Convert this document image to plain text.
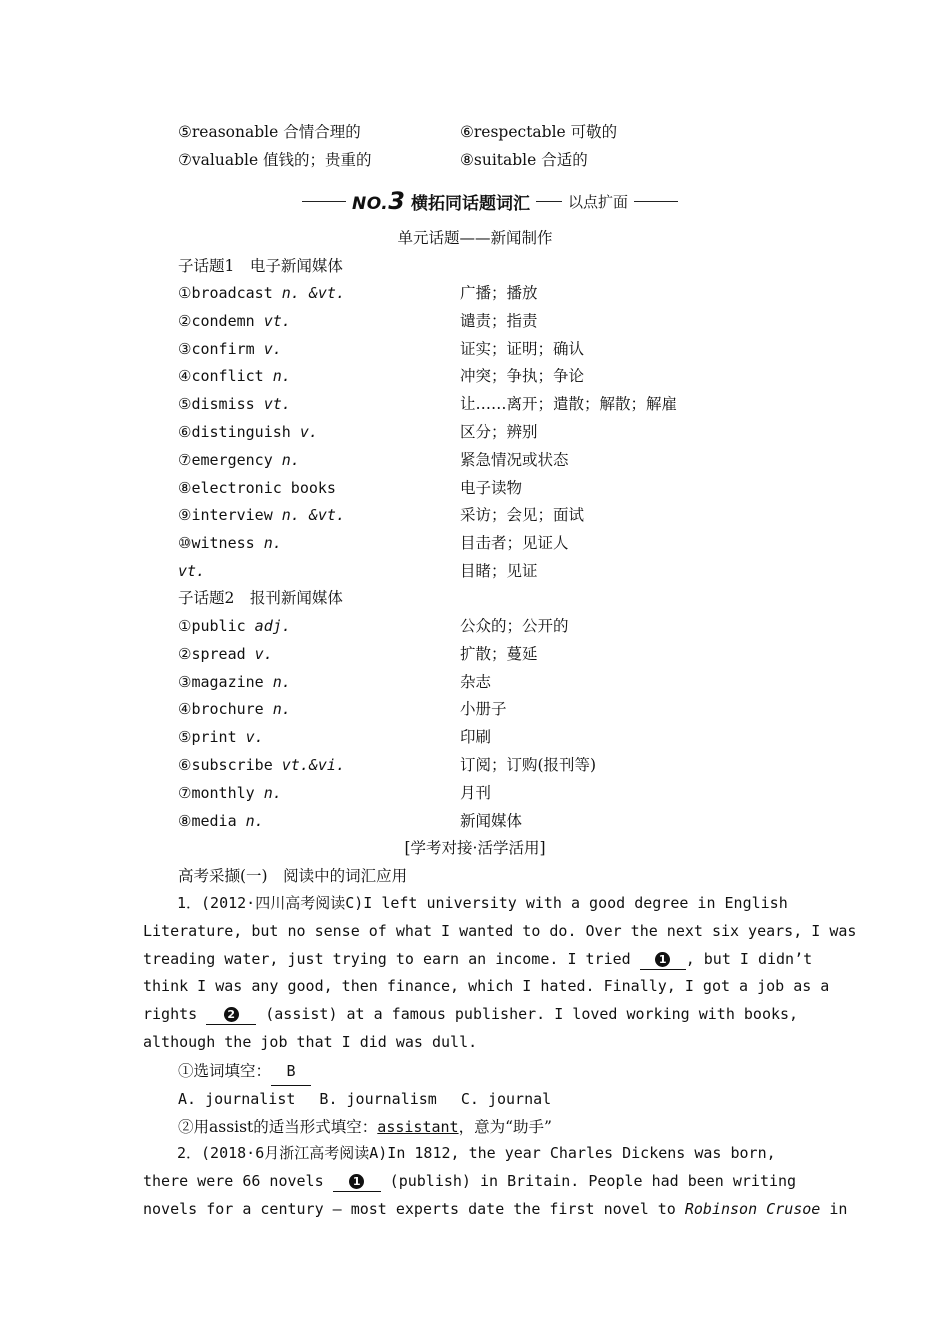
⑤reasonable 合情合理的	⑥respectable 可敬的
⑦valuable 值钱的；贵重的	⑧suitable 合适的
NO.3 横拓同话题词汇	以点扩面
单元话题——新闻制作
子话题1　电子新闻媒体
①broadcast n. &vt.	广播；播放
②condemn vt.	谴责；指责
③confirm v.	证实；证明；确认
④conflict n.	冲突；争执；争论
⑤dismiss vt.	让……离开；遣散；解散；解雇
⑥distinguish v.	区分；辨别
⑦emergency n.	紧急情况或状态
⑧electronic books	电子读物
⑨interview n. &vt.	采访；会见；面试
⑩witness n.	目击者；见证人
vt.	目睹；见证
子话题2　报刊新闻媒体
①public adj.	公众的；公开的
②spread v.	扩散；蔓延
③magazine n.	杂志
④brochure n.	小册子
⑤print v.	印刷
⑥subscribe vt.&vi.	订阅；订购(报刊等)
⑦monthly n.	月刊
⑧media n.	新闻媒体
[学考对接·活学活用]
高考采撷(一)　阅读中的词汇应用
1．(2012·四川高考阅读C)I left university with a good degree in English
Literature, but no sense of what I wanted to do. Over the next six years, I was
treading water, just trying to earn an income. I tried 1 , but I didn’t
think I was any good, then finance, which I hated. Finally, I got a job as a
rights 2 (assist) at a famous publisher. I loved working with books,
although the job that I did was dull.
①选词填空： B
A. journalist　 B. journalism　 C. journal
②用assist的适当形式填空：assistant，意为“助手”
2．(2018·6月浙江高考阅读A)In 1812, the year Charles Dickens was born,
there were 66 novels 1 (publish) in Britain. People had been writing
novels for a century — most experts date the first novel to Robinson Crusoe in
